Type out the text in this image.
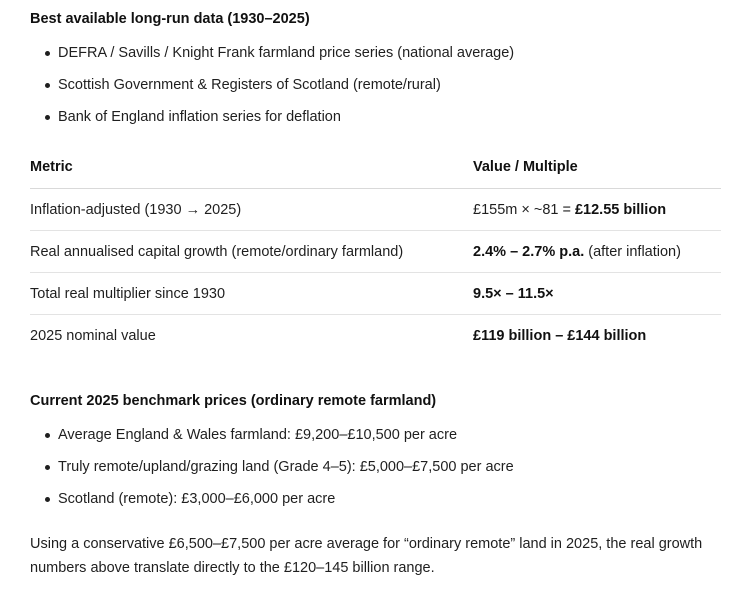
Best available long-run data (1930–2025)
DEFRA / Savills / Knight Frank farmland price series (national average)
Scottish Government & Registers of Scotland (remote/rural)
Bank of England inflation series for deflation
Metric	Value / Multiple
Inflation-adjusted (1930 → 2025)	£155m × ~81 = £12.55 billion
Real annualised capital growth (remote/ordinary farmland)	2.4% – 2.7% p.a. (after inflation)
Total real multiplier since 1930	9.5× – 11.5×
2025 nominal value	£119 billion – £144 billion
Current 2025 benchmark prices (ordinary remote farmland)
Average England & Wales farmland: £9,200–£10,500 per acre
Truly remote/upland/grazing land (Grade 4–5): £5,000–£7,500 per acre
Scotland (remote): £3,000–£6,000 per acre

Using a conservative £6,500–£7,500 per acre average for “ordinary remote” land in 2025, the real growth numbers above translate directly to the £120–145 billion range.
